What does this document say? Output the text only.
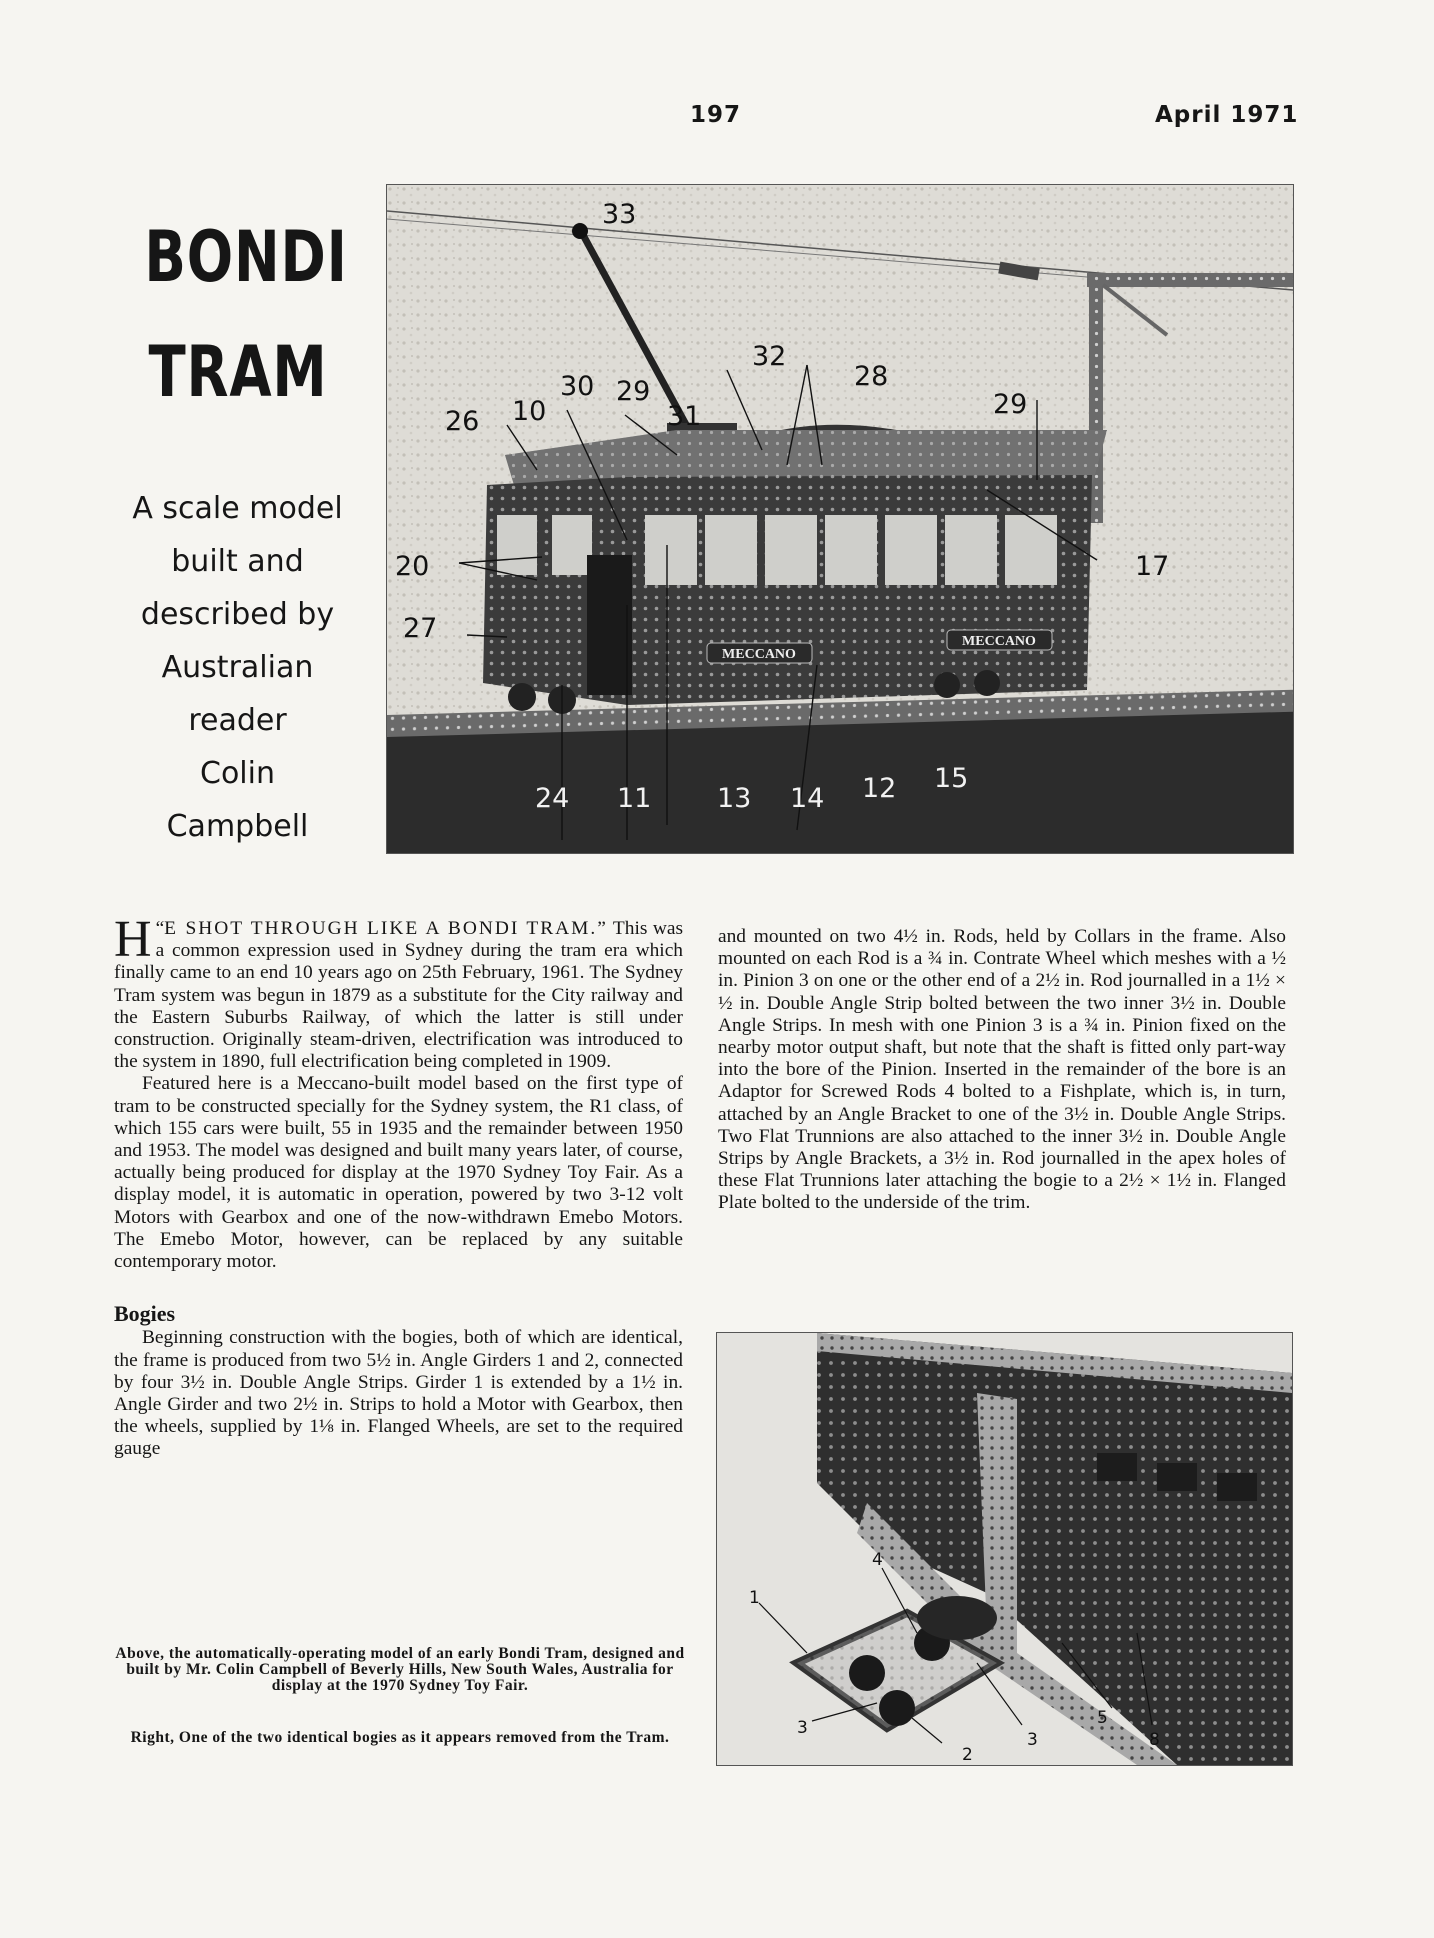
197	April 1971
BONDI
TRAM
A scale model
built and
described by
Australian
reader
Colin
Campbell
MECCANO
MECCANO
33
32
28
29
30 29
31
26 10
20	17
27
24 11 13 14 12 15

“
H E SHOT THROUGH LIKE A BONDI TRAM.” This was a common expression used in Sydney during the tram era which finally came to an end 10 years ago on 25th February, 1961. The Sydney Tram system was begun in 1879 as a substitute for the City railway and the Eastern Suburbs Railway, of which the latter is still under construction. Originally steam-driven, electrification was introduced to the system in 1890, full electrification being completed in 1909.

Featured here is a Meccano-built model based on the first type of tram to be constructed specially for the Sydney system, the R1 class, of which 155 cars were built, 55 in 1935 and the remainder between 1950 and 1953. The model was designed and built many years later, of course, actually being produced for display at the 1970 Sydney Toy Fair. As a display model, it is automatic in operation, powered by two 3-12 volt Motors with Gearbox and one of the now-withdrawn Emebo Motors. The Emebo Motor, however, can be replaced by any suitable contemporary motor.

Bogies

Beginning construction with the bogies, both of which are identical, the frame is produced from two 5½ in. Angle Girders 1 and 2, connected by four 3½ in. Double Angle Strips. Girder 1 is extended by a 1½ in. Angle Girder and two 2½ in. Strips to hold a Motor with Gearbox, then the wheels, supplied by 1⅛ in. Flanged Wheels, are set to the required gauge

and mounted on two 4½ in. Rods, held by Collars in the frame. Also mounted on each Rod is a ¾ in. Contrate Wheel which meshes with a ½ in. Pinion 3 on one or the other end of a 2½ in. Rod journalled in a 1½ × ½ in. Double Angle Strip bolted between the two inner 3½ in. Double Angle Strips. In mesh with one Pinion 3 is a ¾ in. Pinion fixed on the nearby motor output shaft, but note that the shaft is fitted only part-way into the bore of the Pinion. Inserted in the remainder of the bore is an Adaptor for Screwed Rods 4 bolted to a Fishplate, which is, in turn, attached by an Angle Bracket to one of the 3½ in. Double Angle Strips. Two Flat Trunnions are also attached to the inner 3½ in. Double Angle Strips by Angle Brackets, a 3½ in. Rod journalled in the apex holes of these Flat Trunnions later attaching the bogie to a 2½ × 1½ in. Flanged Plate bolted to the underside of the trim.

Above, the automatically-operating model of an early Bondi Tram, designed and built by Mr. Colin Campbell of Beverly Hills, New South Wales, Australia for display at the 1970 Sydney Toy Fair.
Right, One of the two identical bogies as it appears removed from the Tram.
4
1
3
2
3
5
8
